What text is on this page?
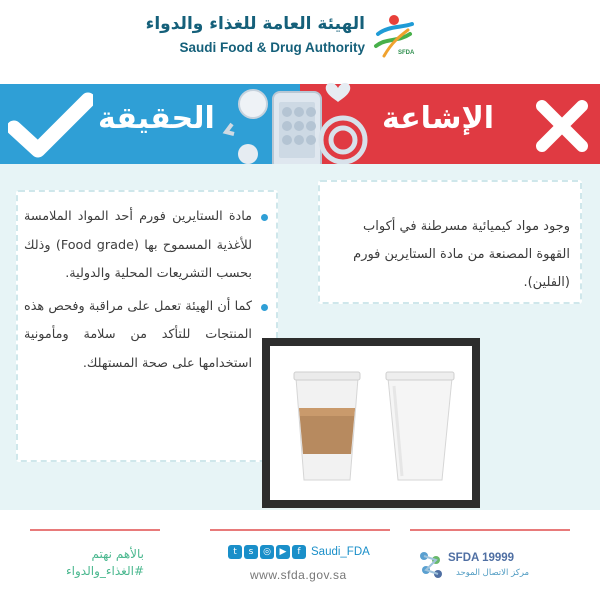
الهيئة العامة للغذاء والدواء
Saudi Food & Drug Authority	SFDA
الحقيقة	الإشاعة
وجود مواد كيميائية مسرطنة في أكواب القهوة المصنعة من مادة الستايرين فورم (الفلين).
مادة الستايرين فورم أحد المواد الملامسة للأغذية المسموح بها (Food grade) وذلك بحسب التشريعات المحلية والدولية.
كما أن الهيئة تعمل على مراقبة وفحص هذه المنتجات للتأكد من سلامة ومأمونية استخدامها على صحة المستهلك.
بالأهم نهتم
#الغذاء_والدواء
t	s	◎ ▶	f Saudi_FDA
www.sfda.gov.sa
SFDA 19999
مركز الاتصال الموحد
